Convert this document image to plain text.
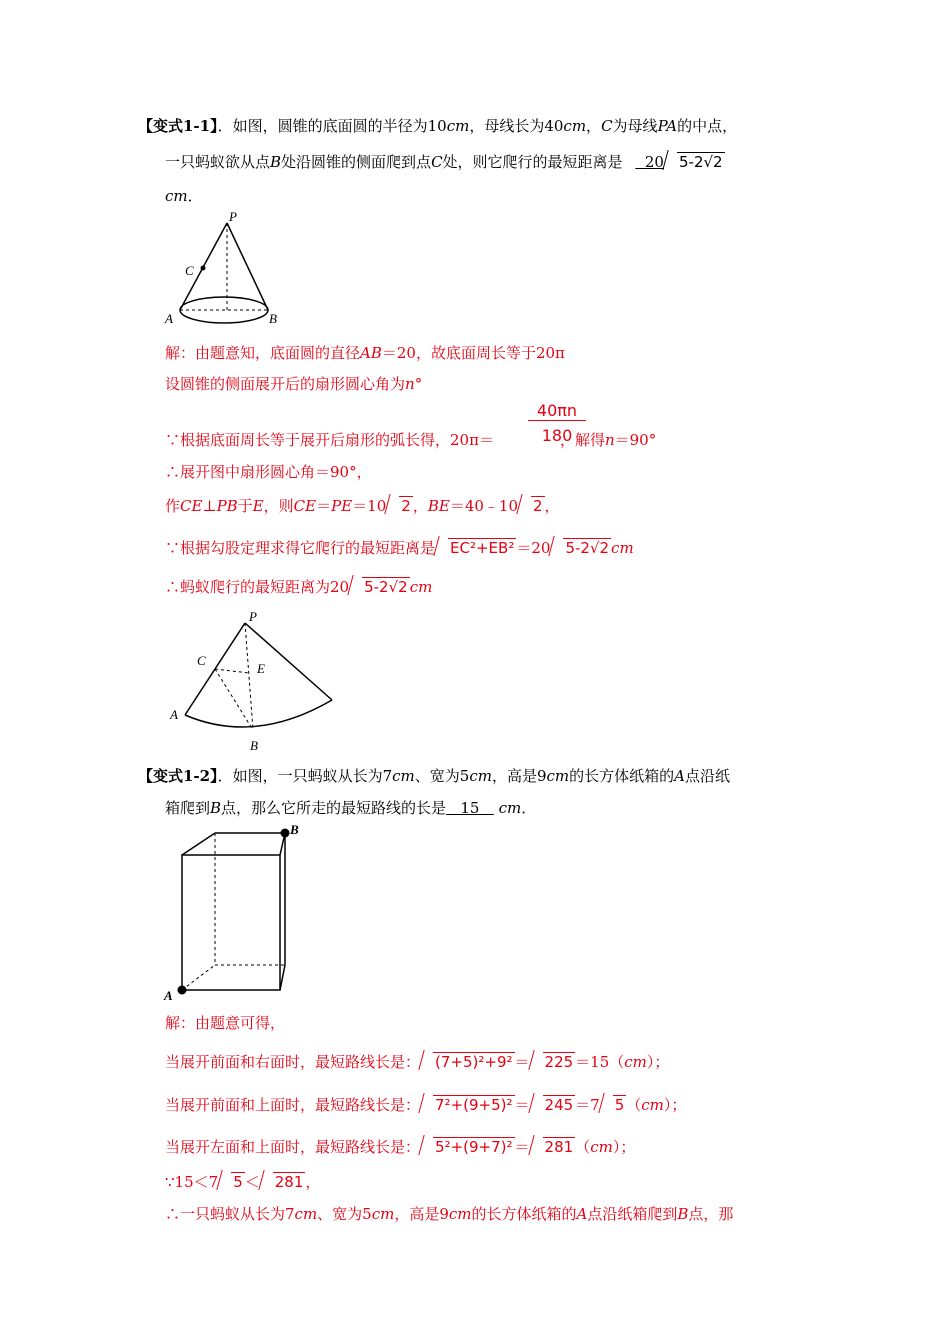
【变式1-1】．如图，圆锥的底面圆的半径为10cm，母线长为40cm，C为母线PA的中点，
一只蚂蚁欲从点B处沿圆锥的侧面爬到点C处，则它爬行的最短距离是 20 5-2√2
cm．
P
C
A	B
解：由题意知，底面圆的直径AB＝20，故底面周长等于20π
设圆锥的侧面展开后的扇形圆心角为n°
40πn
180
∵根据底面周长等于展开后扇形的弧长得，20π＝	，解得n＝90°
∴展开图中扇形圆心角＝90°，
作CE⊥PB于E，则CE＝PE＝10 2 ，BE＝40﹣10 2 ，
∵根据勾股定理求得它爬行的最短距离是 EC²+EB² ＝20 5-2√2 cm
∴蚂蚁爬行的最短距离为20 5-2√2 cm
P
C
E
A
B
【变式1-2】．如图，一只蚂蚁从长为7cm、宽为5cm，高是9cm的长方体纸箱的A点沿纸
箱爬到B点，那么它所走的最短路线的长是 15 cm．
B
A
解：由题意可得，
当展开前面和右面时，最短路线长是： (7+5)²+9² ＝ 225 ＝15（cm）；
当展开前面和上面时，最短路线长是： 7²+(9+5)² ＝ 245 ＝7 5 （cm）；
当展开左面和上面时，最短路线长是： 5²+(9+7)² ＝ 281 （cm）；
∵15＜7 5 ＜ 281 ，
∴一只蚂蚁从长为7cm、宽为5cm，高是9cm的长方体纸箱的A点沿纸箱爬到B点，那
